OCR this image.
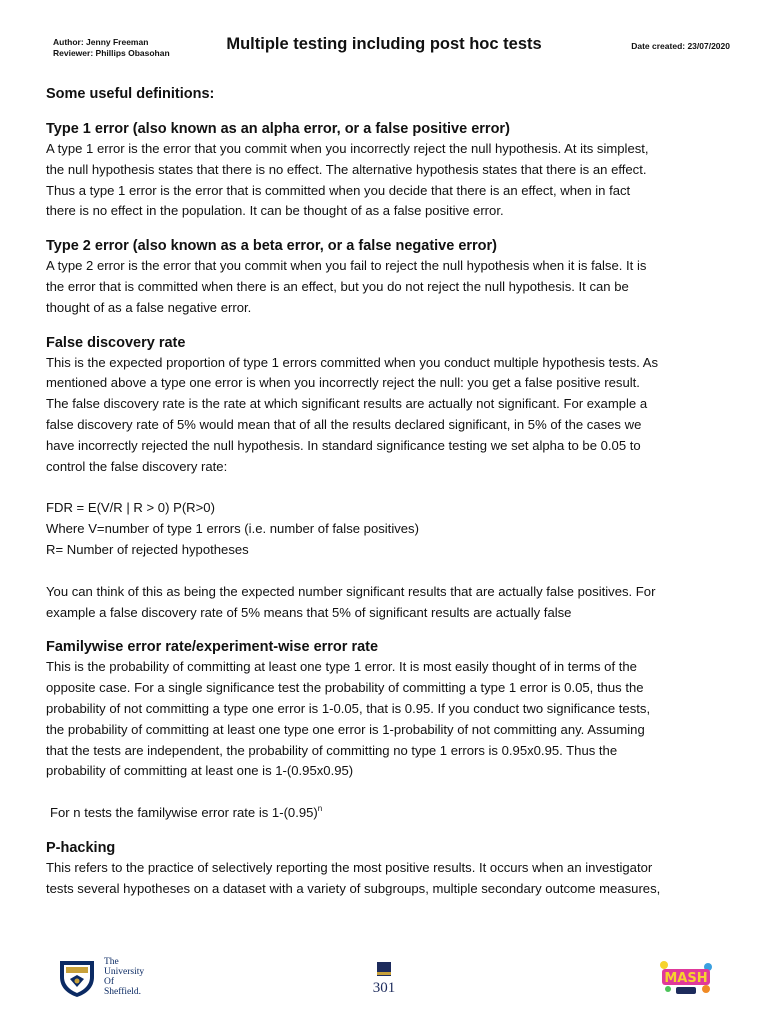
Author: Jenny Freeman
Reviewer: Phillips Obasohan	Multiple testing including post hoc tests	Date created: 23/07/2020
Some useful definitions:
Type 1 error (also known as an alpha error, or a false positive error)

A type 1 error is the error that you commit when you incorrectly reject the null hypothesis. At its simplest,

the null hypothesis states that there is no effect. The alternative hypothesis states that there is an effect.

Thus a type 1 error is the error that is committed when you decide that there is an effect, when in fact

there is no effect in the population. It can be thought of as a false positive error.

Type 2 error (also known as a beta error, or a false negative error)

A type 2 error is the error that you commit when you fail to reject the null hypothesis when it is false. It is

the error that is committed when there is an effect, but you do not reject the null hypothesis. It can be

thought of as a false negative error.

False discovery rate

This is the expected proportion of type 1 errors committed when you conduct multiple hypothesis tests. As

mentioned above a type one error is when you incorrectly reject the null: you get a false positive result.

The false discovery rate is the rate at which significant results are actually not significant. For example a

false discovery rate of 5% would mean that of all the results declared significant, in 5% of the cases we

have incorrectly rejected the null hypothesis. In standard significance testing we set alpha to be 0.05 to

control the false discovery rate:

FDR = E(V/R | R > 0) P(R>0)

Where V=number of type 1 errors (i.e. number of false positives)

R= Number of rejected hypotheses

You can think of this as being the expected number significant results that are actually false positives. For

example a false discovery rate of 5% means that 5% of significant results are actually false

Familywise error rate/experiment-wise error rate

This is the probability of committing at least one type 1 error. It is most easily thought of in terms of the

opposite case. For a single significance test the probability of committing a type 1 error is 0.05, thus the

probability of not committing a type one error is 1-0.05, that is 0.95. If you conduct two significance tests,

the probability of committing at least one type one error is 1-probability of not committing any. Assuming

that the tests are independent, the probability of committing no type 1 errors is 0.95x0.95. Thus the

probability of committing at least one is 1-(0.95x0.95)

For n tests the familywise error rate is $1-(0.95)^n$

P-hacking

This refers to the practice of selectively reporting the most positive results. It occurs when an investigator

tests several hypotheses on a dataset with a variety of subgroups, multiple secondary outcome measures,

The
University
Of
Sheffield.	301
MASH
